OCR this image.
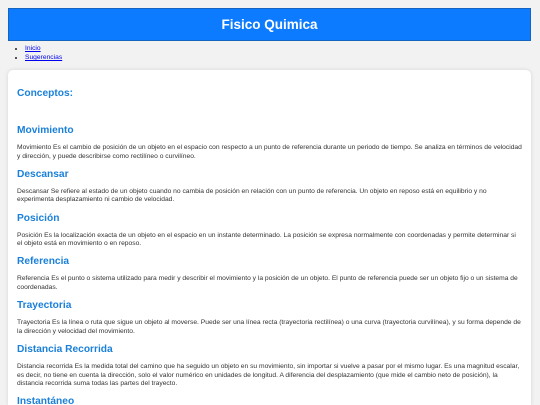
Fisico Quimica
• Inicio
• Sugerencias
Conceptos:
Movimiento

Movimiento Es el cambio de posición de un objeto en el espacio con respecto a un punto de referencia durante un periodo de tiempo. Se analiza en términos de velocidad y dirección, y puede describirse como rectilíneo o curvilíneo.

Descansar

Descansar Se refiere al estado de un objeto cuando no cambia de posición en relación con un punto de referencia. Un objeto en reposo está en equilibrio y no experimenta desplazamiento ni cambio de velocidad.

Posición

Posición Es la localización exacta de un objeto en el espacio en un instante determinado. La posición se expresa normalmente con coordenadas y permite determinar si el objeto está en movimiento o en reposo.

Referencia

Referencia Es el punto o sistema utilizado para medir y describir el movimiento y la posición de un objeto. El punto de referencia puede ser un objeto fijo o un sistema de coordenadas.

Trayectoria

Trayectoria Es la línea o ruta que sigue un objeto al moverse. Puede ser una línea recta (trayectoria rectilínea) o una curva (trayectoria curvilínea), y su forma depende de la dirección y velocidad del movimiento.

Distancia Recorrida

Distancia recorrida Es la medida total del camino que ha seguido un objeto en su movimiento, sin importar si vuelve a pasar por el mismo lugar. Es una magnitud escalar, es decir, no tiene en cuenta la dirección, solo el valor numérico en unidades de longitud. A diferencia del desplazamiento (que mide el cambio neto de posición), la distancia recorrida suma todas las partes del trayecto.

Instantáneo
